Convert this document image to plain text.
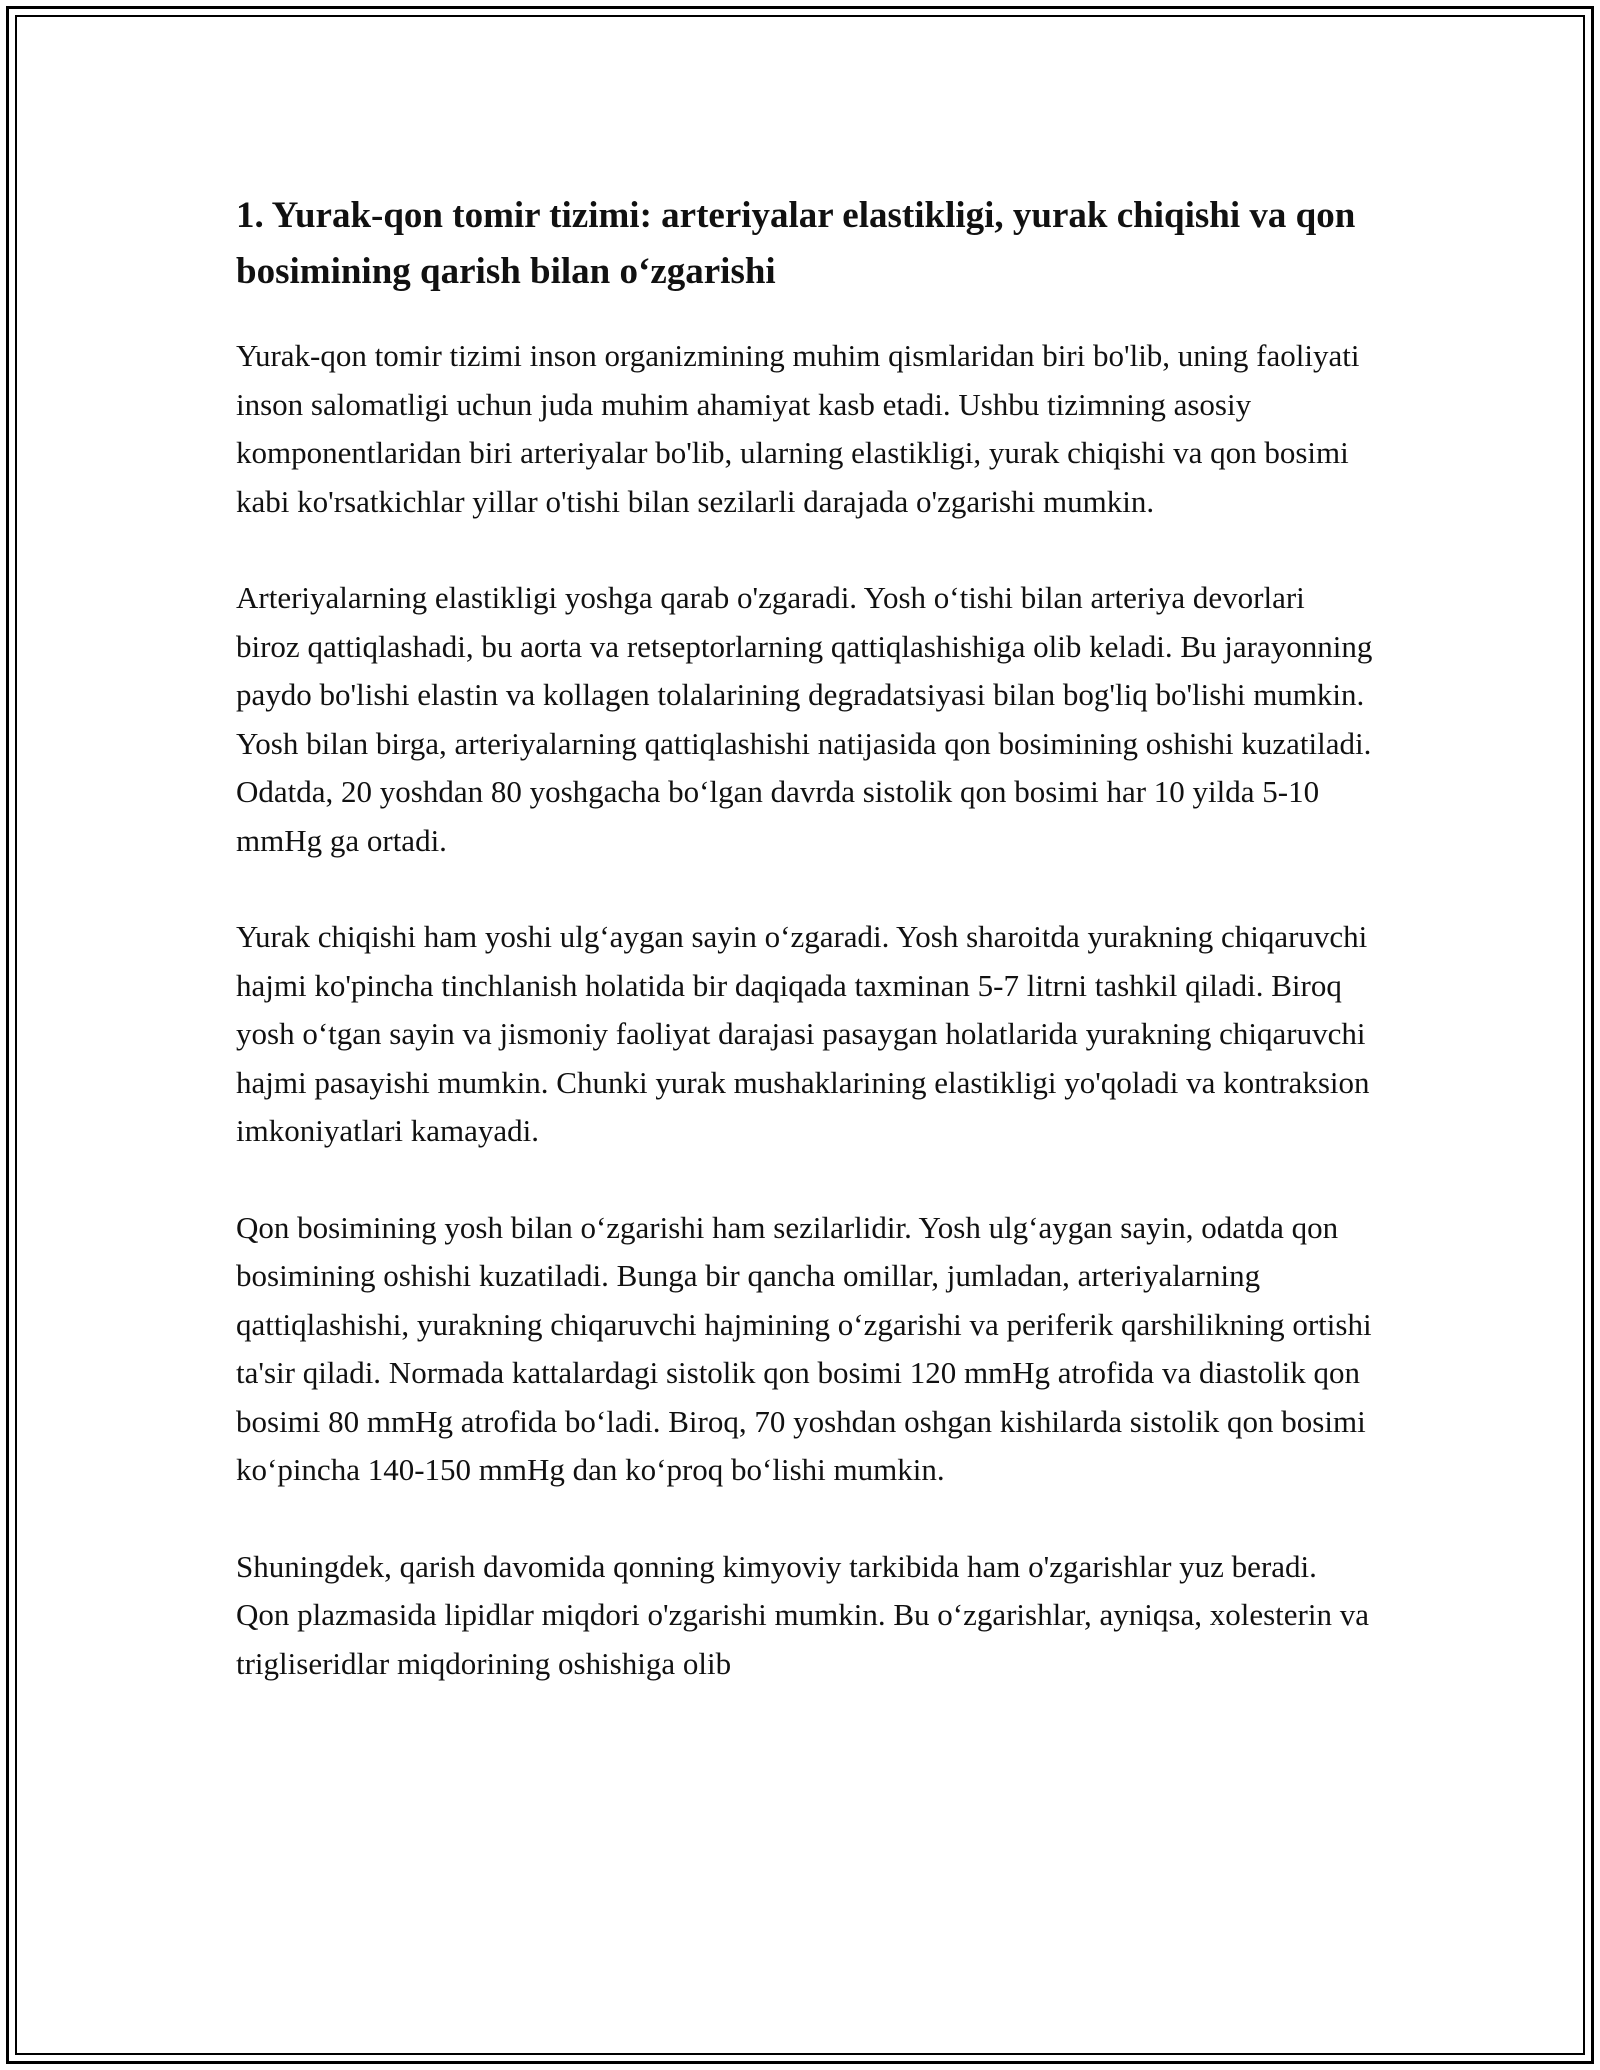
1. Yurak-qon tomir tizimi: arteriyalar elastikligi, yurak chiqishi va qon bosimining qarish bilan o‘zgarishi

Yurak-qon tomir tizimi inson organizmining muhim qismlaridan biri bo'lib, uning faoliyati inson salomatligi uchun juda muhim ahamiyat kasb etadi. Ushbu tizimning asosiy komponentlaridan biri arteriyalar bo'lib, ularning elastikligi, yurak chiqishi va qon bosimi kabi ko'rsatkichlar yillar o'tishi bilan sezilarli darajada o'zgarishi mumkin.

Arteriyalarning elastikligi yoshga qarab o'zgaradi. Yosh o‘tishi bilan arteriya devorlari biroz qattiqlashadi, bu aorta va retseptorlarning qattiqlashishiga olib keladi. Bu jarayonning paydo bo'lishi elastin va kollagen tolalarining degradatsiyasi bilan bog'liq bo'lishi mumkin. Yosh bilan birga, arteriyalarning qattiqlashishi natijasida qon bosimining oshishi kuzatiladi. Odatda, 20 yoshdan 80 yoshgacha bo‘lgan davrda sistolik qon bosimi har 10 yilda 5-10 mmHg ga ortadi.

Yurak chiqishi ham yoshi ulg‘aygan sayin o‘zgaradi. Yosh sharoitda yurakning chiqaruvchi hajmi ko'pincha tinchlanish holatida bir daqiqada taxminan 5-7 litrni tashkil qiladi. Biroq yosh o‘tgan sayin va jismoniy faoliyat darajasi pasaygan holatlarida yurakning chiqaruvchi hajmi pasayishi mumkin. Chunki yurak mushaklarining elastikligi yo'qoladi va kontraksion imkoniyatlari kamayadi.

Qon bosimining yosh bilan o‘zgarishi ham sezilarlidir. Yosh ulg‘aygan sayin, odatda qon bosimining oshishi kuzatiladi. Bunga bir qancha omillar, jumladan, arteriyalarning qattiqlashishi, yurakning chiqaruvchi hajmining o‘zgarishi va periferik qarshilikning ortishi ta'sir qiladi. Normada kattalardagi sistolik qon bosimi 120 mmHg atrofida va diastolik qon bosimi 80 mmHg atrofida bo‘ladi. Biroq, 70 yoshdan oshgan kishilarda sistolik qon bosimi ko‘pincha 140-150 mmHg dan ko‘proq bo‘lishi mumkin.

Shuningdek, qarish davomida qonning kimyoviy tarkibida ham o'zgarishlar yuz beradi. Qon plazmasida lipidlar miqdori o'zgarishi mumkin. Bu o‘zgarishlar, ayniqsa, xolesterin va trigliseridlar miqdorining oshishiga olib
